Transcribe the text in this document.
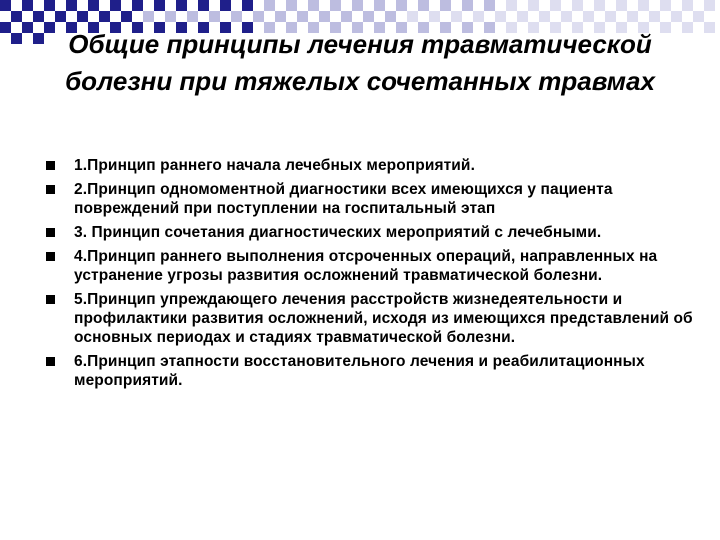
Общие принципы лечения травматической болезни при тяжелых сочетанных травмах
1.Принцип раннего начала лечебных мероприятий.
2.Принцип одномоментной диагностики всех имеющихся у пациента повреждений при поступлении на госпитальный этап
3. Принцип сочетания диагностических мероприятий с лечебными.
4.Принцип раннего выполнения отсроченных операций, направленных на устранение угрозы развития осложнений травматической болезни.
5.Принцип упреждающего лечения расстройств жизнедеятельности и профилактики развития осложнений, исходя из имеющихся представлений об основных периодах и стадиях травматической болезни.
6.Принцип этапности восстановительного лечения и реабилитационных мероприятий.
